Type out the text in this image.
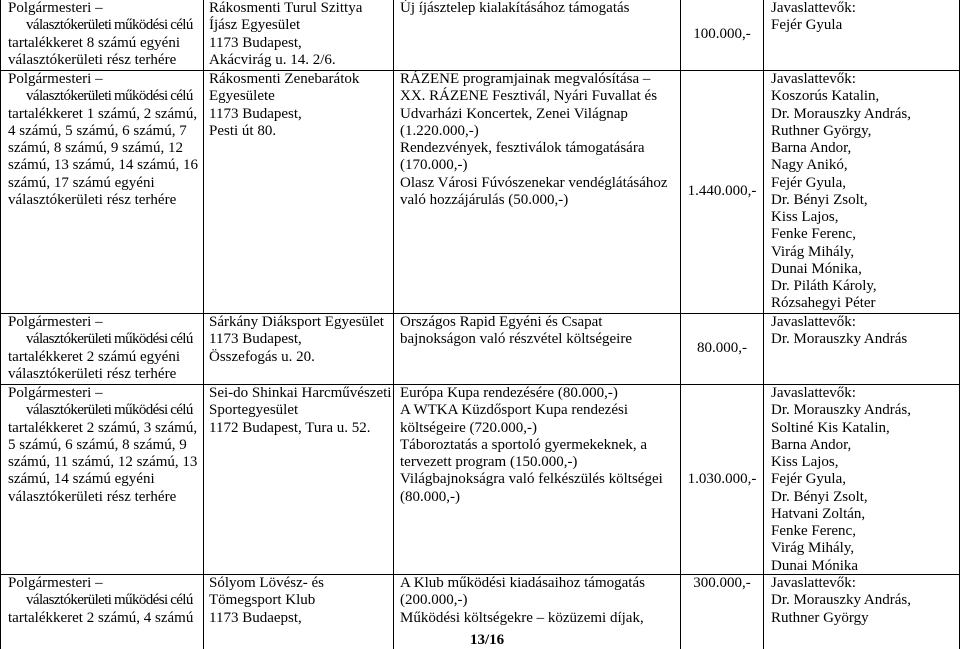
Polgármesteri –
választókerületi működési célú
tartalékkeret 8 számú egyéni
választókerületi rész terhére
Rákosmenti Turul Szittya
Íjász Egyesület
1173 Budapest,
Akácvirág u. 14. 2/6.
Új íjásztelep kialakításához támogatás
100.000,-
Javaslattevők:
Fejér Gyula
Polgármesteri –
választókerületi működési célú
tartalékkeret 1 számú, 2 számú,
4 számú, 5 számú, 6 számú, 7
számú, 8 számú, 9 számú, 12
számú, 13 számú, 14 számú, 16
számú, 17 számú egyéni
választókerületi rész terhére
Rákosmenti Zenebarátok
Egyesülete
1173 Budapest,
Pesti út 80.
RÁZENE programjainak megvalósítása –
XX. RÁZENE Fesztivál, Nyári Fuvallat és
Udvarházi Koncertek, Zenei Világnap
(1.220.000,-)
Rendezvények, fesztiválok támogatására
(170.000,-)
Olasz Városi Fúvószenekar vendéglátásához
való hozzájárulás (50.000,-)
1.440.000,-
Javaslattevők:
Koszorús Katalin,
Dr. Morauszky András,
Ruthner György,
Barna Andor,
Nagy Anikó,
Fejér Gyula,
Dr. Bényi Zsolt,
Kiss Lajos,
Fenke Ferenc,
Virág Mihály,
Dunai Mónika,
Dr. Piláth Károly,
Rózsahegyi Péter
Polgármesteri –
választókerületi működési célú
tartalékkeret 2 számú egyéni
választókerületi rész terhére
Sárkány Diáksport Egyesület
1173 Budapest,
Összefogás u. 20.
Országos Rapid Egyéni és Csapat
bajnokságon való részvétel költségeire
80.000,-
Javaslattevők:
Dr. Morauszky András
Polgármesteri –
választókerületi működési célú
tartalékkeret 2 számú, 3 számú,
5 számú, 6 számú, 8 számú, 9
számú, 11 számú, 12 számú, 13
számú, 14 számú egyéni
választókerületi rész terhére
Sei-do Shinkai Harcművészeti
Sportegyesület
1172 Budapest, Tura u. 52.
Európa Kupa rendezésére (80.000,-)
A WTKA Küzdősport Kupa rendezési
költségeire (720.000,-)
Táboroztatás a sportoló gyermekeknek, a
tervezett program (150.000,-)
Világbajnokságra való felkészülés költségei
(80.000,-)
1.030.000,-
Javaslattevők:
Dr. Morauszky András,
Soltiné Kis Katalin,
Barna Andor,
Kiss Lajos,
Fejér Gyula,
Dr. Bényi Zsolt,
Hatvani Zoltán,
Fenke Ferenc,
Virág Mihály,
Dunai Mónika
Polgármesteri –
választókerületi működési célú
tartalékkeret 2 számú, 4 számú
Sólyom Lövész- és
Tömegsport Klub
1173 Budaepst,
A Klub működési kiadásaihoz támogatás
(200.000,-)
Működési költségekre – közüzemi díjak,
300.000,- Javaslattevők:
Dr. Morauszky András,
Ruthner György
13/16
